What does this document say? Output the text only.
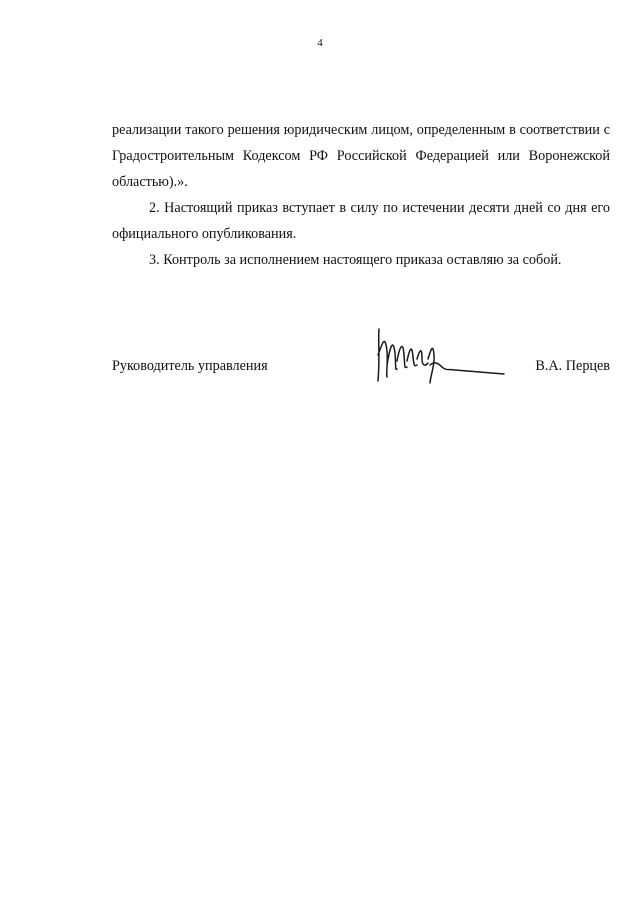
4

реализации такого решения юридическим лицом, определенным в соответствии с Градостроительным Кодексом РФ Российской Федерацией или Воронежской областью).».

2. Настоящий приказ вступает в силу по истечении десяти дней со дня его официального опубликования.

3. Контроль за исполнением настоящего приказа оставляю за собой.

Руководитель управления	В.А. Перцев
